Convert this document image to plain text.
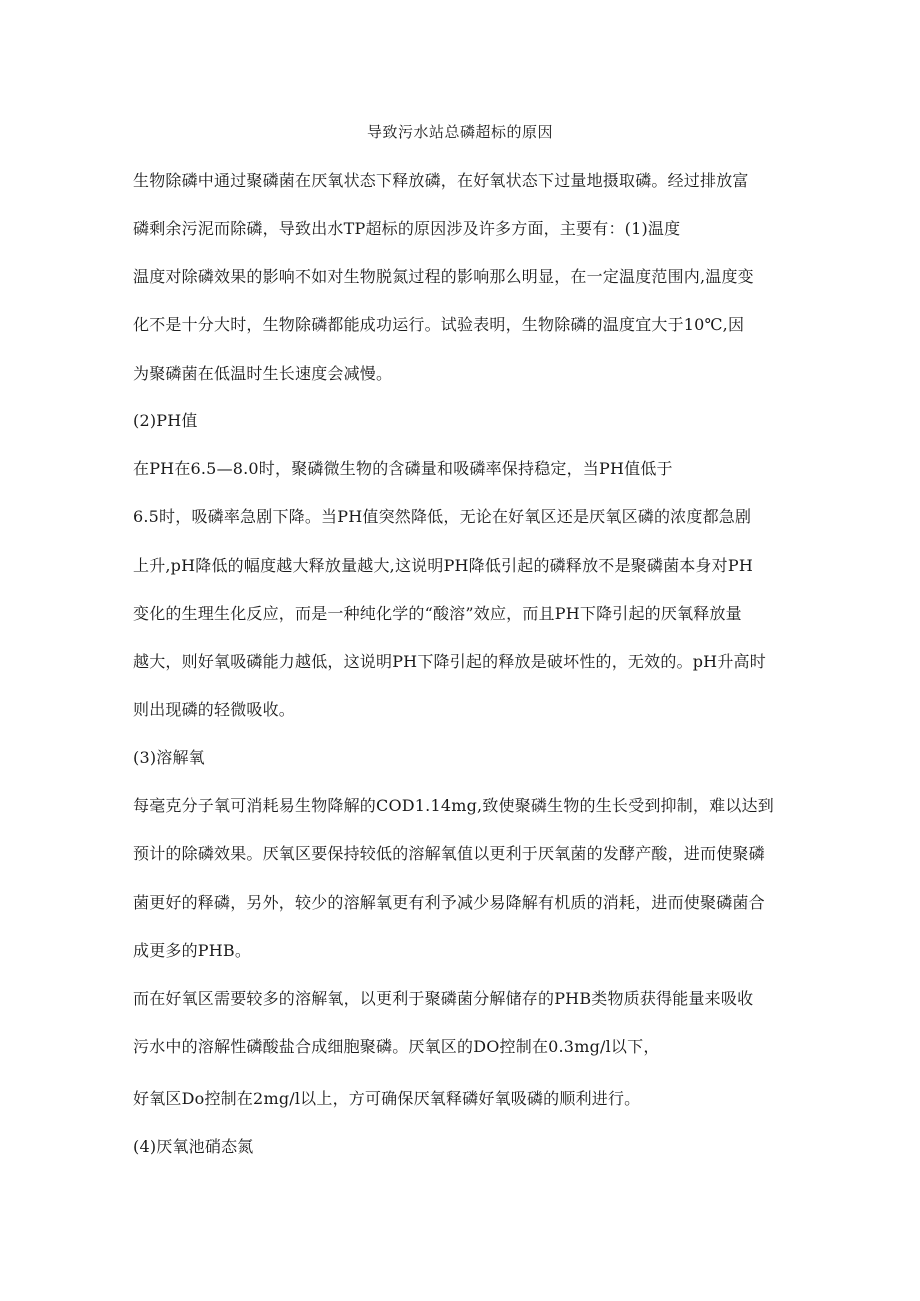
导致污水站总磷超标的原因
生物除磷中通过聚磷菌在厌氧状态下释放磷，在好氧状态下过量地摄取磷。经过排放富
磷剩余污泥而除磷，导致出水TP超标的原因涉及许多方面，主要有：(1)温度
温度对除磷效果的影响不如对生物脱氮过程的影响那么明显，在一定温度范围内,温度变
化不是十分大时，生物除磷都能成功运行。试验表明，生物除磷的温度宜大于10℃,因
为聚磷菌在低温时生长速度会减慢。
(2)PH值
在PH在6.5—8.0时，聚磷微生物的含磷量和吸磷率保持稳定，当PH值低于
6.5时，吸磷率急剧下降。当PH值突然降低，无论在好氧区还是厌氧区磷的浓度都急剧
上升,pH降低的幅度越大释放量越大,这说明PH降低引起的磷释放不是聚磷菌本身对PH
变化的生理生化反应，而是一种纯化学的“酸溶”效应，而且PH下降引起的厌氧释放量
越大，则好氧吸磷能力越低，这说明PH下降引起的释放是破坏性的，无效的。pH升高时
则出现磷的轻微吸收。
(3)溶解氧
每毫克分子氧可消耗易生物降解的COD1.14mg,致使聚磷生物的生长受到抑制，难以达到
预计的除磷效果。厌氧区要保持较低的溶解氧值以更利于厌氧菌的发酵产酸，进而使聚磷
菌更好的释磷，另外，较少的溶解氧更有利予减少易降解有机质的消耗，进而使聚磷菌合
成更多的PHB。
而在好氧区需要较多的溶解氧，以更利于聚磷菌分解储存的PHB类物质获得能量来吸收
污水中的溶解性磷酸盐合成细胞聚磷。厌氧区的DO控制在0.3mg/l以下，
好氧区Do控制在2mg/l以上，方可确保厌氧释磷好氧吸磷的顺利进行。
(4)厌氧池硝态氮
